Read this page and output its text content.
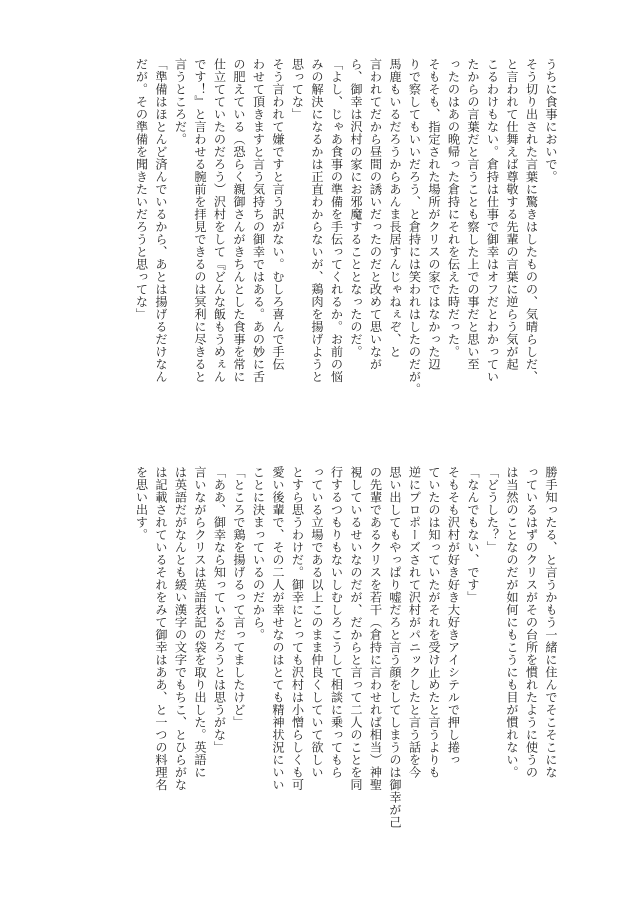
うちに食事においで。
そう切り出された言葉に驚きはしたものの、気晴らしだ、
と言われて仕舞えば尊敬する先輩の言葉に逆らう気が起
こるわけもない。倉持は仕事で御幸はオフだとわかってい
たからの言葉だと言うことも察した上での事だと思い至
ったのはあの晩帰った倉持にそれを伝えた時だった。
そもそも、指定された場所がクリスの家ではなかった辺
りで察してもいいだろう、と倉持には笑われはしたのだが。
馬鹿もいるだろうからあんま長居すんじゃねぇぞ、と
言われてだから昼間の誘いだったのだと改めて思いなが
ら、御幸は沢村の家にお邪魔することとなったのだ。
「よし、じゃあ食事の準備を手伝ってくれるか。お前の悩
みの解決になるかは正直わからないが、鶏肉を揚げようと
思ってな」
そう言われて嫌ですと言う訳がない。むしろ喜んで手伝
わせて頂きますと言う気持ちの御幸ではある。あの妙に舌
の肥えている（恐らく親御さんがきちんとした食事を常に
仕立てていたのだろう）沢村をして『どんな飯もうめぇん
です！』と言わせる腕前を拝見できるのは冥利に尽きると
言うところだ。
「準備はほとんど済んでいるから、あとは揚げるだけなん
だが。その準備を聞きたいだろうと思ってな」
勝手知ったる、と言うかもう一緒に住んでそこそこにな
っているはずのクリスがその台所を慣れたように使うの
は当然のことなのだが如何にもこうにも目が慣れない。
「どうした？」
「なんでもない、です」
そもそも沢村が好き好き大好きアイシテルで押し捲っ
ていたのは知っていたがそれを受け止めたと言うよりも
逆にプロポーズされて沢村がパニックしたと言う話を今
思い出してもやっぱり嘘だろと言う顔をしてしまうのは御幸が己
の先輩であるクリスを若干（倉持に言わせれば相当）神聖
視しているせいなのだが、だからと言って二人のことを同
行するつもりもないしむしろこうして相談に乗ってもら
っている立場である以上このまま仲良くしていて欲しい
とすら思うわけだ。御幸にとっても沢村は小憎らしくも可
愛い後輩で、その二人が幸せなのはとても精神状況にいい
ことに決まっているのだから。
「ところで鶏を揚げるって言ってましたけど」
「ああ、御幸なら知っているだろうとは思うがな」
言いながらクリスは英語表記の袋を取り出した。英語に
は英語だがなんとも緩い漢字の文字でもちこ、とひらがな
は記載されているそれをみて御幸はああ、と一つの料理名
を思い出す。
